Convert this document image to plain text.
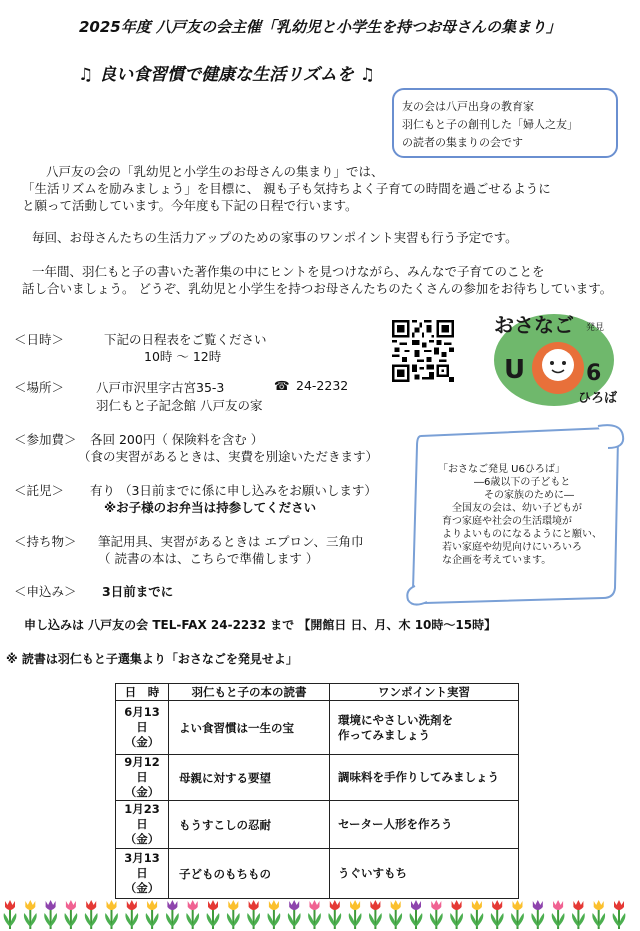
2025年度 八戸友の会主催「乳幼児と小学生を持つお母さんの集まり」
♫ 良い食習慣で健康な生活リズムを ♫
友の会は八戸出身の教育家
羽仁もと子の創刊した「婦人之友」
の読者の集まりの会です
八戸友の会の「乳幼児と小学生のお母さんの集まり」では、
「生活リズムを励みましょう」を目標に、 親も子も気持ちよく子育ての時間を過ごせるように
と願って活動しています。今年度も下記の日程で行います。
毎回、お母さんたちの生活力アップのための家事のワンポイント実習も行う予定です。
一年間、羽仁もと子の書いた著作集の中にヒントを見つけながら、みんなで子育てのことを
話し合いましょう。 どうぞ、乳幼児と小学生を持つお母さんたちのたくさんの参加をお待ちしています。
＜日時＞	下記の日程表をご覧ください
10時 ～ 12時
＜場所＞	八戸市沢里字古宮35-3	☎ 24-2232
羽仁もと子記念館 八戸友の家
＜参加費＞ 各回 200円（ 保険料を含む ）
（食の実習があるときは、実費を別途いただきます）
＜託児＞ 有り （3日前までに係に申し込みをお願いします）
※お子様のお弁当は持参してください
＜持ち物＞ 筆記用具、実習があるときは エプロン、三角巾
（ 読書の本は、こちらで準備します ）
＜申込み＞ 3日前までに
申し込みは 八戸友の会 TEL-FAX 24-2232 まで 【開館日 日、月、木 10時～15時】
※ 読書は羽仁もと子選集より「おさなごを発見せよ」
おさなご 発見
U	6
ひろば
「おさなご発見 U6ひろば」
―6歳以下の子どもと
その家族のために―
全国友の会は、幼い子どもが
育つ家庭や社会の生活環境が
よりよいものになるようにと願い、
若い家庭や幼児向けにいろいろ
な企画を考えています。
日　時	羽仁もと子の本の読書	ワンポイント実習
6月13日
（金）	よい食習慣は一生の宝	環境にやさしい洗剤を
作ってみましょう
9月12日
（金）	母親に対する要望	調味料を手作りしてみましょう
1月23日
（金）	もうすこしの忍耐	セーター人形を作ろう
3月13日
（金）	子どものもちもの	うぐいすもち
